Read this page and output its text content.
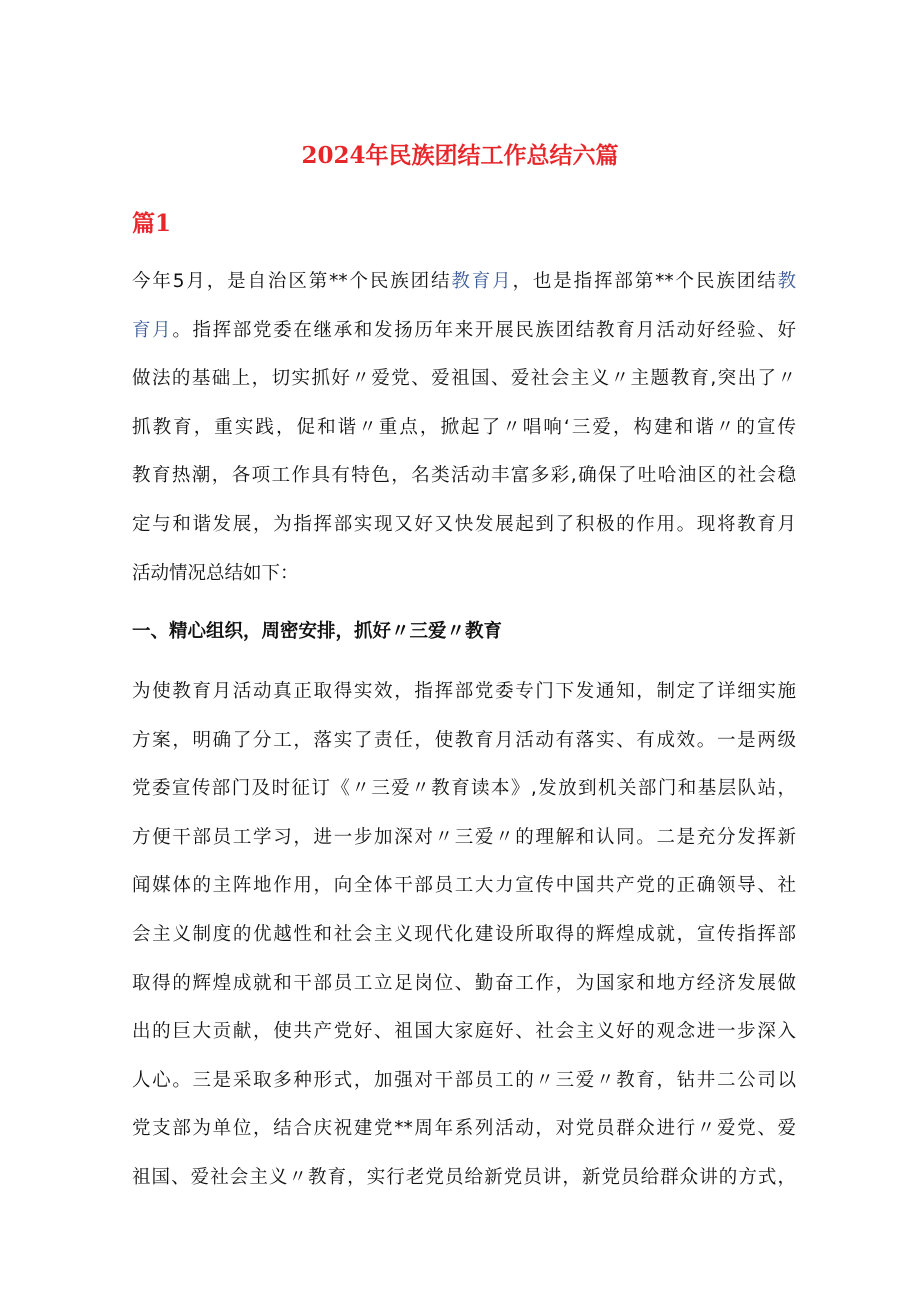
2024年民族团结工作总结六篇
篇1
今年5月，是自治区第**个民族团结教育月，也是指挥部第**个民族团结教
育月。指挥部党委在继承和发扬历年来开展民族团结教育月活动好经验、好
做法的基础上，切实抓好〃爱党、爱祖国、爱社会主义〃主题教育,突出了〃
抓教育，重实践，促和谐〃重点，掀起了〃唱响‘三爱，构建和谐〃的宣传
教育热潮，各项工作具有特色，名类活动丰富多彩,确保了吐哈油区的社会稳
定与和谐发展，为指挥部实现又好又快发展起到了积极的作用。现将教育月
活动情况总结如下：
一、精心组织，周密安排，抓好〃三爱〃教育
为使教育月活动真正取得实效，指挥部党委专门下发通知，制定了详细实施
方案，明确了分工，落实了责任，使教育月活动有落实、有成效。一是两级
党委宣传部门及时征订《〃三爱〃教育读本》,发放到机关部门和基层队站，
方便干部员工学习，进一步加深对〃三爱〃的理解和认同。二是充分发挥新
闻媒体的主阵地作用，向全体干部员工大力宣传中国共产党的正确领导、社
会主义制度的优越性和社会主义现代化建设所取得的辉煌成就，宣传指挥部
取得的辉煌成就和干部员工立足岗位、勤奋工作，为国家和地方经济发展做
出的巨大贡献，使共产党好、祖国大家庭好、社会主义好的观念进一步深入
人心。三是采取多种形式，加强对干部员工的〃三爱〃教育，钻井二公司以
党支部为单位，结合庆祝建党**周年系列活动，对党员群众进行〃爱党、爱
祖国、爱社会主义〃教育，实行老党员给新党员讲，新党员给群众讲的方式，
